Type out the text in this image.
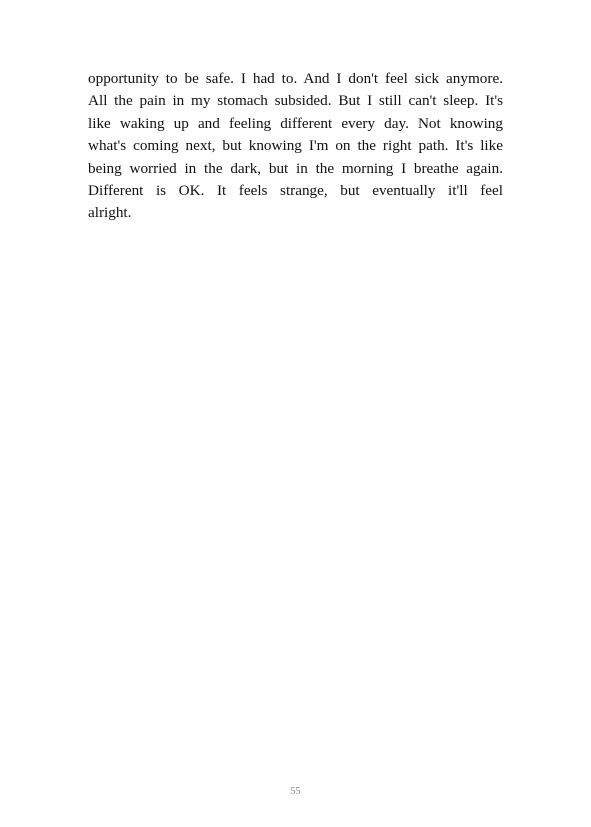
opportunity to be safe. I had to. And I don't feel sick anymore.
All the pain in my stomach subsided. But I still can't sleep. It's
like waking up and feeling different every day. Not knowing
what's coming next, but knowing I'm on the right path. It's like
being worried in the dark, but in the morning I breathe again.
Different is OK. It feels strange, but eventually it'll feel
alright.
55
